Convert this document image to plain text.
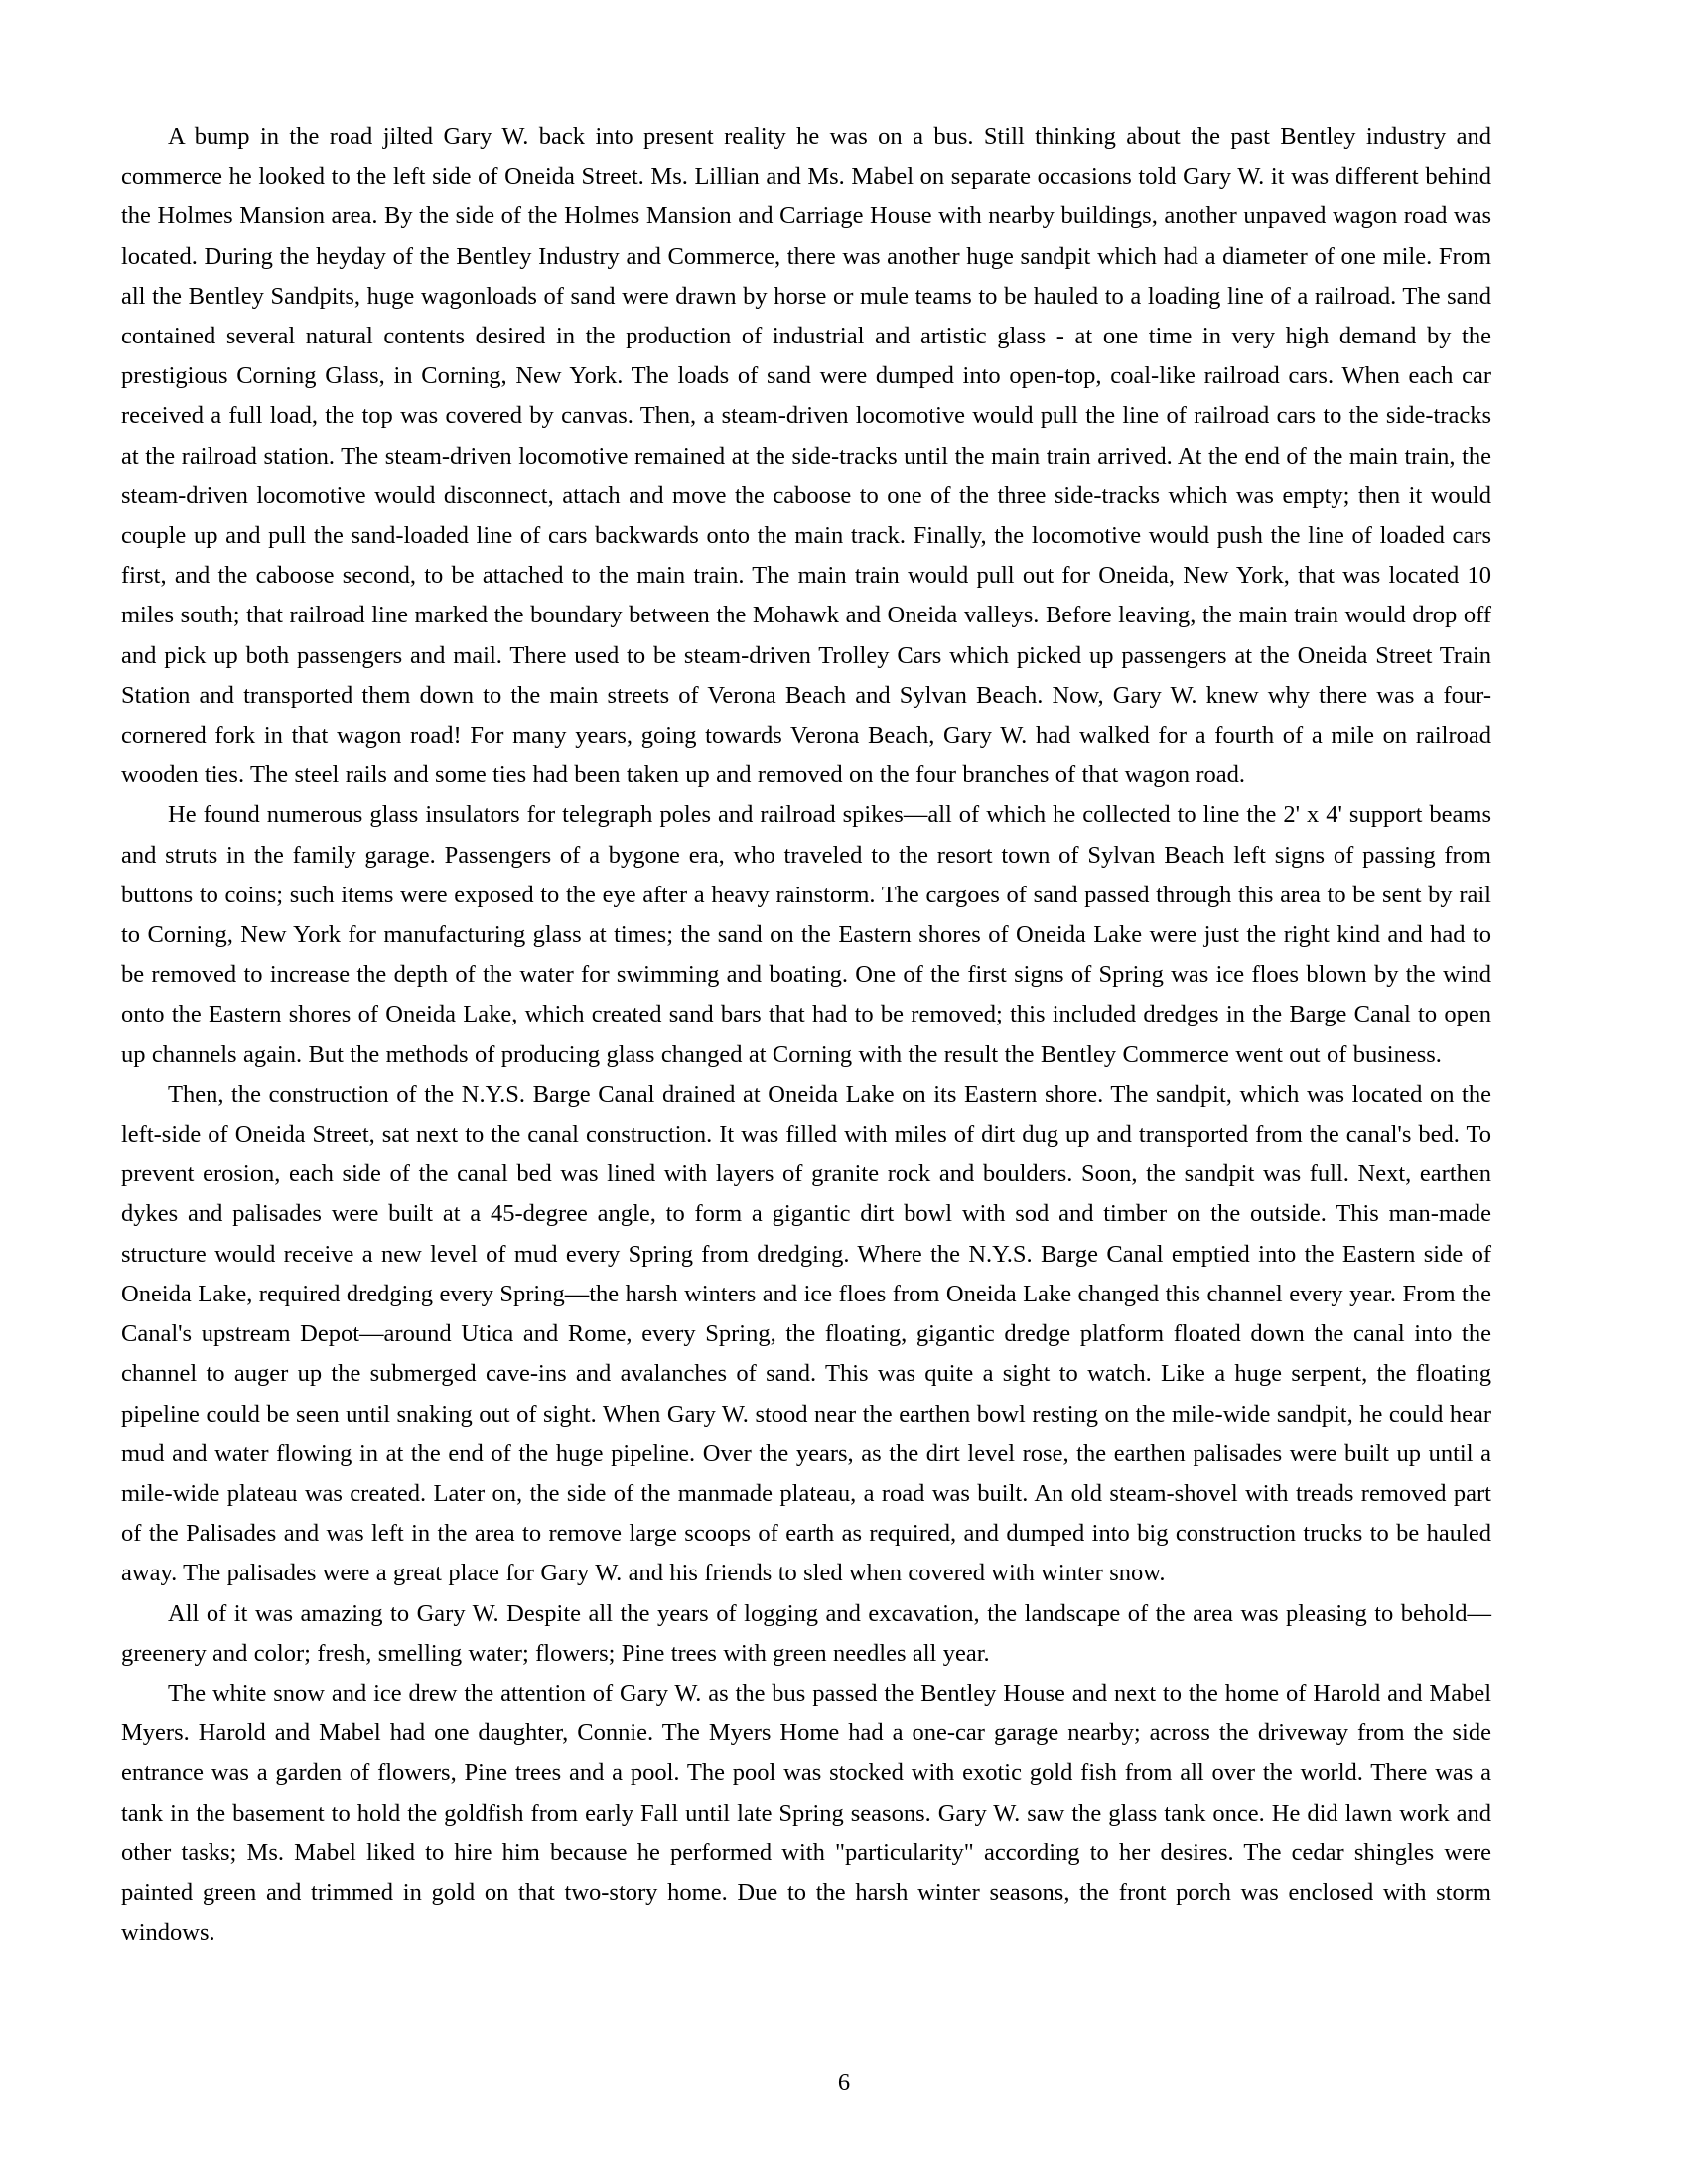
A bump in the road jilted Gary W. back into present reality he was on a bus. Still thinking about the past Bentley industry and commerce he looked to the left side of Oneida Street. Ms. Lillian and Ms. Mabel on separate occasions told Gary W. it was different behind the Holmes Mansion area. By the side of the Holmes Mansion and Carriage House with nearby buildings, another unpaved wagon road was located. During the heyday of the Bentley Industry and Commerce, there was another huge sandpit which had a diameter of one mile. From all the Bentley Sandpits, huge wagonloads of sand were drawn by horse or mule teams to be hauled to a loading line of a railroad. The sand contained several natural contents desired in the production of industrial and artistic glass - at one time in very high demand by the prestigious Corning Glass, in Corning, New York. The loads of sand were dumped into open-top, coal-like railroad cars. When each car received a full load, the top was covered by canvas. Then, a steam-driven locomotive would pull the line of railroad cars to the side-tracks at the railroad station. The steam-driven locomotive remained at the side-tracks until the main train arrived. At the end of the main train, the steam-driven locomotive would disconnect, attach and move the caboose to one of the three side-tracks which was empty; then it would couple up and pull the sand-loaded line of cars backwards onto the main track. Finally, the locomotive would push the line of loaded cars first, and the caboose second, to be attached to the main train. The main train would pull out for Oneida, New York, that was located 10 miles south; that railroad line marked the boundary between the Mohawk and Oneida valleys. Before leaving, the main train would drop off and pick up both passengers and mail. There used to be steam-driven Trolley Cars which picked up passengers at the Oneida Street Train Station and transported them down to the main streets of Verona Beach and Sylvan Beach. Now, Gary W. knew why there was a four-cornered fork in that wagon road! For many years, going towards Verona Beach, Gary W. had walked for a fourth of a mile on railroad wooden ties. The steel rails and some ties had been taken up and removed on the four branches of that wagon road.

He found numerous glass insulators for telegraph poles and railroad spikes—all of which he collected to line the 2' x 4' support beams and struts in the family garage. Passengers of a bygone era, who traveled to the resort town of Sylvan Beach left signs of passing from buttons to coins; such items were exposed to the eye after a heavy rainstorm. The cargoes of sand passed through this area to be sent by rail to Corning, New York for manufacturing glass at times; the sand on the Eastern shores of Oneida Lake were just the right kind and had to be removed to increase the depth of the water for swimming and boating. One of the first signs of Spring was ice floes blown by the wind onto the Eastern shores of Oneida Lake, which created sand bars that had to be removed; this included dredges in the Barge Canal to open up channels again. But the methods of producing glass changed at Corning with the result the Bentley Commerce went out of business.

Then, the construction of the N.Y.S. Barge Canal drained at Oneida Lake on its Eastern shore. The sandpit, which was located on the left-side of Oneida Street, sat next to the canal construction. It was filled with miles of dirt dug up and transported from the canal's bed. To prevent erosion, each side of the canal bed was lined with layers of granite rock and boulders. Soon, the sandpit was full. Next, earthen dykes and palisades were built at a 45-degree angle, to form a gigantic dirt bowl with sod and timber on the outside. This man-made structure would receive a new level of mud every Spring from dredging. Where the N.Y.S. Barge Canal emptied into the Eastern side of Oneida Lake, required dredging every Spring—the harsh winters and ice floes from Oneida Lake changed this channel every year. From the Canal's upstream Depot—around Utica and Rome, every Spring, the floating, gigantic dredge platform floated down the canal into the channel to auger up the submerged cave-ins and avalanches of sand. This was quite a sight to watch. Like a huge serpent, the floating pipeline could be seen until snaking out of sight. When Gary W. stood near the earthen bowl resting on the mile-wide sandpit, he could hear mud and water flowing in at the end of the huge pipeline. Over the years, as the dirt level rose, the earthen palisades were built up until a mile-wide plateau was created. Later on, the side of the manmade plateau, a road was built. An old steam-shovel with treads removed part of the Palisades and was left in the area to remove large scoops of earth as required, and dumped into big construction trucks to be hauled away. The palisades were a great place for Gary W. and his friends to sled when covered with winter snow.

All of it was amazing to Gary W. Despite all the years of logging and excavation, the landscape of the area was pleasing to behold—greenery and color; fresh, smelling water; flowers; Pine trees with green needles all year.

The white snow and ice drew the attention of Gary W. as the bus passed the Bentley House and next to the home of Harold and Mabel Myers. Harold and Mabel had one daughter, Connie. The Myers Home had a one-car garage nearby; across the driveway from the side entrance was a garden of flowers, Pine trees and a pool. The pool was stocked with exotic gold fish from all over the world. There was a tank in the basement to hold the goldfish from early Fall until late Spring seasons. Gary W. saw the glass tank once. He did lawn work and other tasks; Ms. Mabel liked to hire him because he performed with "particularity" according to her desires. The cedar shingles were painted green and trimmed in gold on that two-story home. Due to the harsh winter seasons, the front porch was enclosed with storm windows.

6
